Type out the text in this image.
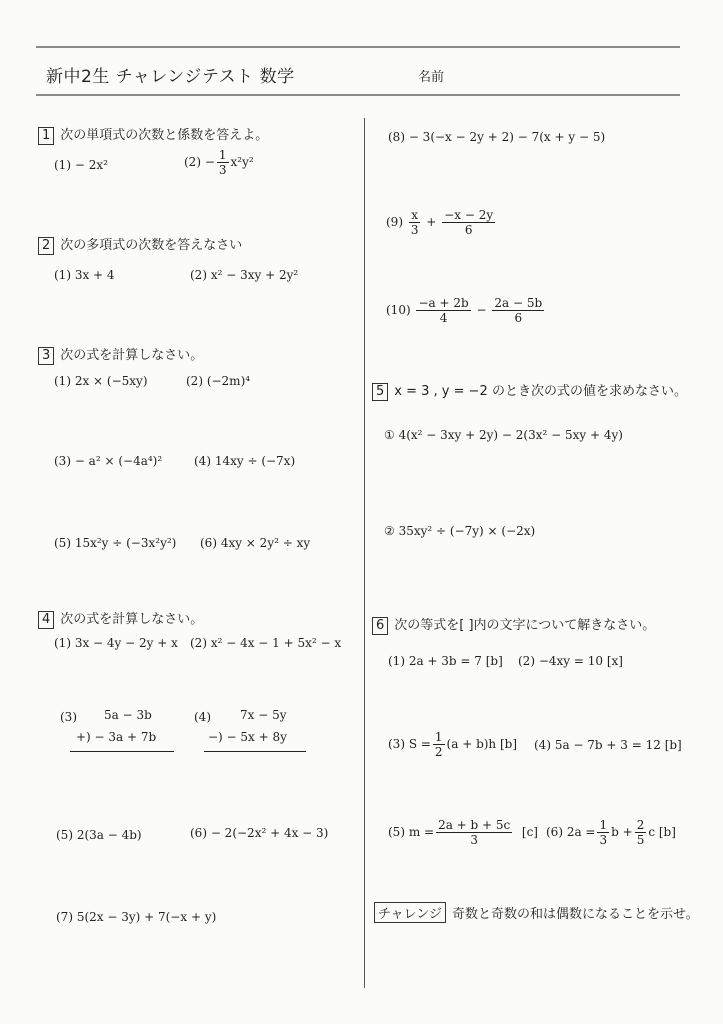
新中2生 チャレンジテスト 数学	名前
1 次の単項式の次数と係数を答えよ。
(1) − 2x²	$(2) - \frac{1}{3} x^2y^2$
2 次の多項式の次数を答えなさい
(1) 3x + 4	(2) x² − 3xy + 2y²
3 次の式を計算しなさい。
(1) 2x × (−5xy)	(2) (−2m)⁴
(3) − a² × (−4a⁴)²	(4) 14xy ÷ (−7x)
(5) 15x²y ÷ (−3x²y²) (6) 4xy × 2y² ÷ xy
4 次の式を計算しなさい。
(1) 3x − 4y − 2y + x (2) x² − 4x − 1 + 5x² − x
(3) 5a − 3b
+) − 3a + 7b
(4) 7x − 5y
−) − 5x + 8y
(5) 2(3a − 4b)	(6) − 2(−2x² + 4x − 3)
(7) 5(2x − 3y) + 7(−x + y)
(8) − 3(−x − 2y + 2) − 7(x + y − 5)
$(9) \frac{x}{3} + \frac{-x - 2y}{6}$
$(10) \frac{-a + 2b}{4} - \frac{2a - 5b}{6}$
5 x = 3 , y = −2 のとき次の式の値を求めなさい。
① 4(x² − 3xy + 2y) − 2(3x² − 5xy + 4y)
② 35xy² ÷ (−7y) × (−2x)
6 次の等式を[ ]内の文字について解きなさい。
(1) 2a + 3b = 7 [b] (2) −4xy = 10 [x]
(3) $S = \frac{1}{2} (a + b)h$ [b] (4) 5a − 7b + 3 = 12 [b]
(5) $m = \frac{2a + b + 5c}{3} [c]$ (6) $2a = \frac{1}{3}$ $b + \frac{2}{5}$ c [b]
チャレンジ 奇数と奇数の和は偶数になることを示せ。
